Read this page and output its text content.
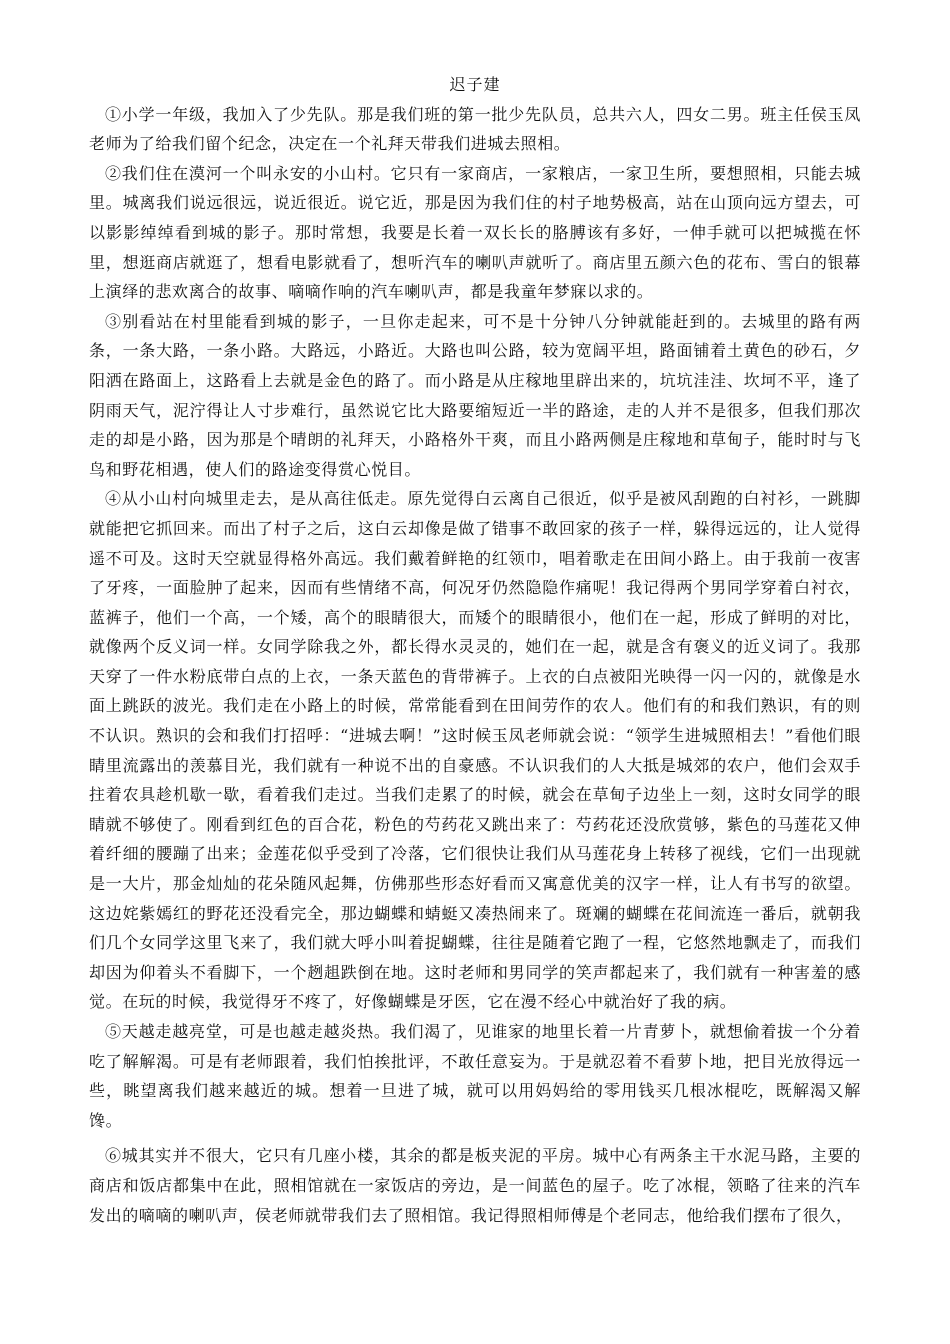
迟子建

①小学一年级，我加入了少先队。那是我们班的第一批少先队员，总共六人，四女二男。班主任侯玉凤老师为了给我们留个纪念，决定在一个礼拜天带我们进城去照相。

②我们住在漠河一个叫永安的小山村。它只有一家商店，一家粮店，一家卫生所，要想照相，只能去城里。城离我们说远很远，说近很近。说它近，那是因为我们住的村子地势极高，站在山顶向远方望去，可以影影绰绰看到城的影子。那时常想，我要是长着一双长长的胳膊该有多好，一伸手就可以把城揽在怀里，想逛商店就逛了，想看电影就看了，想听汽车的喇叭声就听了。商店里五颜六色的花布、雪白的银幕上演绎的悲欢离合的故事、嘀嘀作响的汽车喇叭声，都是我童年梦寐以求的。

③别看站在村里能看到城的影子，一旦你走起来，可不是十分钟八分钟就能赶到的。去城里的路有两条，一条大路，一条小路。大路远，小路近。大路也叫公路，较为宽阔平坦，路面铺着土黄色的砂石，夕阳洒在路面上，这路看上去就是金色的路了。而小路是从庄稼地里辟出来的，坑坑洼洼、坎坷不平，逢了阴雨天气，泥泞得让人寸步难行，虽然说它比大路要缩短近一半的路途，走的人并不是很多，但我们那次走的却是小路，因为那是个晴朗的礼拜天，小路格外干爽，而且小路两侧是庄稼地和草甸子，能时时与飞鸟和野花相遇，使人们的路途变得赏心悦目。

④从小山村向城里走去，是从高往低走。原先觉得白云离自己很近，似乎是被风刮跑的白衬衫，一跳脚就能把它抓回来。而出了村子之后，这白云却像是做了错事不敢回家的孩子一样，躲得远远的，让人觉得遥不可及。这时天空就显得格外高远。我们戴着鲜艳的红领巾，唱着歌走在田间小路上。由于我前一夜害了牙疼，一面脸肿了起来，因而有些情绪不高，何况牙仍然隐隐作痛呢！我记得两个男同学穿着白衬衣，蓝裤子，他们一个高，一个矮，高个的眼睛很大，而矮个的眼睛很小，他们在一起，形成了鲜明的对比，就像两个反义词一样。女同学除我之外，都长得水灵灵的，她们在一起，就是含有褒义的近义词了。我那天穿了一件水粉底带白点的上衣，一条天蓝色的背带裤子。上衣的白点被阳光映得一闪一闪的，就像是水面上跳跃的波光。我们走在小路上的时候，常常能看到在田间劳作的农人。他们有的和我们熟识，有的则不认识。熟识的会和我们打招呼：“进城去啊！”这时候玉凤老师就会说：“领学生进城照相去！”看他们眼睛里流露出的羡慕目光，我们就有一种说不出的自豪感。不认识我们的人大抵是城郊的农户，他们会双手拄着农具趁机歇一歇，看着我们走过。当我们走累了的时候，就会在草甸子边坐上一刻，这时女同学的眼睛就不够使了。刚看到红色的百合花，粉色的芍药花又跳出来了：芍药花还没欣赏够，紫色的马莲花又伸着纤细的腰蹦了出来；金莲花似乎受到了冷落，它们很快让我们从马莲花身上转移了视线，它们一出现就是一大片，那金灿灿的花朵随风起舞，仿佛那些形态好看而又寓意优美的汉字一样，让人有书写的欲望。这边姹紫嫣红的野花还没看完全，那边蝴蝶和蜻蜓又凑热闹来了。斑斓的蝴蝶在花间流连一番后，就朝我们几个女同学这里飞来了，我们就大呼小叫着捉蝴蝶，往往是随着它跑了一程，它悠然地飘走了，而我们却因为仰着头不看脚下，一个趔趄跌倒在地。这时老师和男同学的笑声都起来了，我们就有一种害羞的感觉。在玩的时候，我觉得牙不疼了，好像蝴蝶是牙医，它在漫不经心中就治好了我的病。

⑤天越走越亮堂，可是也越走越炎热。我们渴了，见谁家的地里长着一片青萝卜，就想偷着拔一个分着吃了解解渴。可是有老师跟着，我们怕挨批评，不敢任意妄为。于是就忍着不看萝卜地，把目光放得远一些，眺望离我们越来越近的城。想着一旦进了城，就可以用妈妈给的零用钱买几根冰棍吃，既解渴又解馋。

⑥城其实并不很大，它只有几座小楼，其余的都是板夹泥的平房。城中心有两条主干水泥马路，主要的商店和饭店都集中在此，照相馆就在一家饭店的旁边，是一间蓝色的屋子。吃了冰棍，领略了往来的汽车发出的嘀嘀的喇叭声，侯老师就带我们去了照相馆。我记得照相师傅是个老同志，他给我们摆布了很久，
